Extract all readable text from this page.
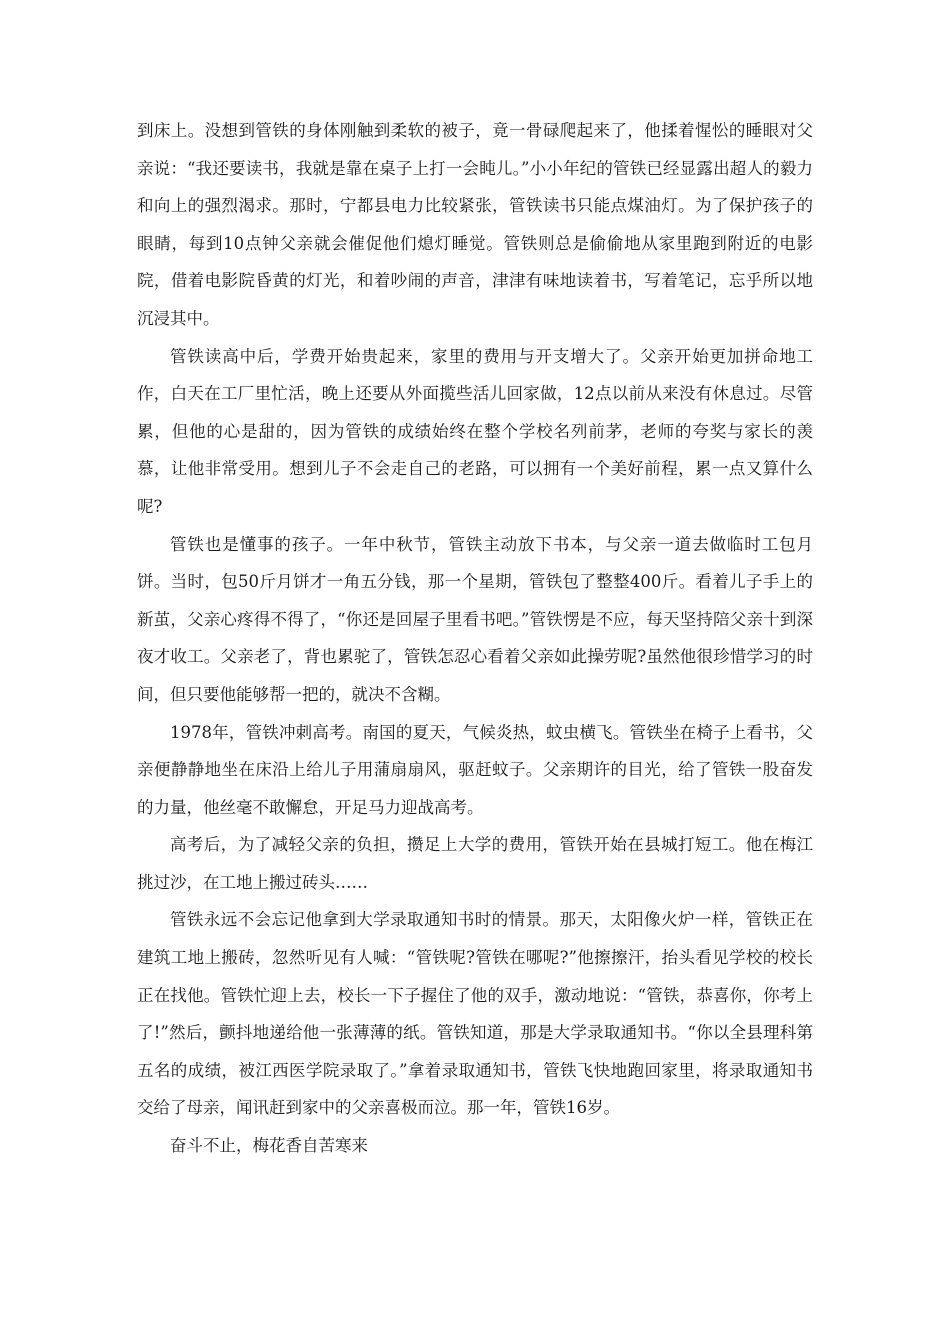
到床上。没想到管铁的身体刚触到柔软的被子，竟一骨碌爬起来了，他揉着惺忪的睡眼对父亲说：“我还要读书，我就是靠在桌子上打一会盹儿。”小小年纪的管铁已经显露出超人的毅力和向上的强烈渴求。那时，宁都县电力比较紧张，管铁读书只能点煤油灯。为了保护孩子的眼睛，每到10点钟父亲就会催促他们熄灯睡觉。管铁则总是偷偷地从家里跑到附近的电影院，借着电影院昏黄的灯光，和着吵闹的声音，津津有味地读着书，写着笔记，忘乎所以地沉浸其中。

管铁读高中后，学费开始贵起来，家里的费用与开支增大了。父亲开始更加拼命地工作，白天在工厂里忙活，晚上还要从外面揽些活儿回家做，12点以前从来没有休息过。尽管累，但他的心是甜的，因为管铁的成绩始终在整个学校名列前茅，老师的夸奖与家长的羡慕，让他非常受用。想到儿子不会走自己的老路，可以拥有一个美好前程，累一点又算什么呢?

管铁也是懂事的孩子。一年中秋节，管铁主动放下书本，与父亲一道去做临时工包月饼。当时，包50斤月饼才一角五分钱，那一个星期，管铁包了整整400斤。看着儿子手上的新茧，父亲心疼得不得了，“你还是回屋子里看书吧。”管铁愣是不应，每天坚持陪父亲十到深夜才收工。父亲老了，背也累驼了，管铁怎忍心看着父亲如此操劳呢?虽然他很珍惜学习的时间，但只要他能够帮一把的，就决不含糊。

1978年，管铁冲刺高考。南国的夏天，气候炎热，蚊虫横飞。管铁坐在椅子上看书，父亲便静静地坐在床沿上给儿子用蒲扇扇风，驱赶蚊子。父亲期许的目光，给了管铁一股奋发的力量，他丝毫不敢懈怠，开足马力迎战高考。

高考后，为了减轻父亲的负担，攒足上大学的费用，管铁开始在县城打短工。他在梅江挑过沙，在工地上搬过砖头……

管铁永远不会忘记他拿到大学录取通知书时的情景。那天，太阳像火炉一样，管铁正在建筑工地上搬砖，忽然听见有人喊：“管铁呢?管铁在哪呢?”他擦擦汗，抬头看见学校的校长正在找他。管铁忙迎上去，校长一下子握住了他的双手，激动地说：“管铁，恭喜你，你考上了!”然后，颤抖地递给他一张薄薄的纸。管铁知道，那是大学录取通知书。“你以全县理科第五名的成绩，被江西医学院录取了。”拿着录取通知书，管铁飞快地跑回家里，将录取通知书交给了母亲，闻讯赶到家中的父亲喜极而泣。那一年，管铁16岁。

奋斗不止，梅花香自苦寒来
